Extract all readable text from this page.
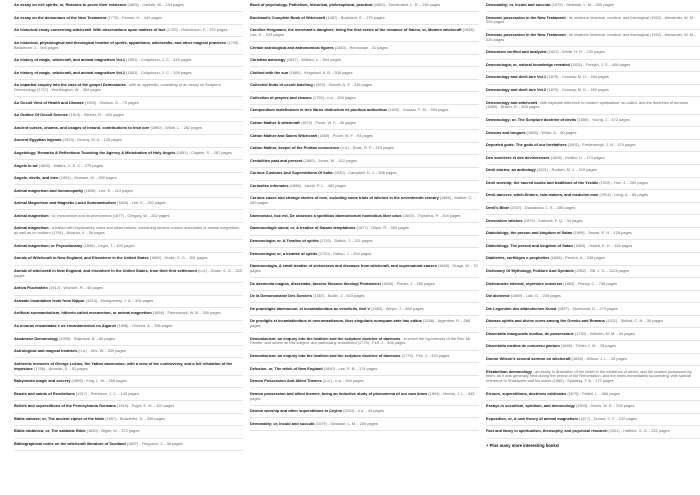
An essay on evil spirits; or, Reasons to prove their existence (1825) - Carlisle, W. - 134 pages
An essay on the demoniacs of the New Testament (1775) - Farmer, H. - 440 pages
An historical essay concerning witchcraft. With observations upon matters of fact (1720) - Hutchinson, F. - 370 pages
An historical, physiological and theological treatise of spirits, apparitions, witchcrafts, and other magical practices (1705) - Beaumont, J. - 500 pages
An history of magic, witchcraft, and animal magnetism Vol.1 (1851) - Colquhoun, J. C. - 415 pages
An history of magic, witchcraft, and animal magnetism Vol.2 (1851) - Colquhoun, J. C. - 329 pages
An impartial enquiry into the case of the gospel Demoniacks : with an appendix, consisting of an essay on Scripture Demonology (1737) - Worthington, W. - 304 pages
An Occult View of Health and Disease (1925) - Hodson, G. - 70 pages
An Outline Of Occult Science (1914) - Steiner, R. - 494 pages
Ancient curses, charms, and usages of Ireland, contributions to Irish lore (1890) - Wilde, L. - 262 pages
Ancient Egyptian legends (1913) - Murray, M. A. - 128 pages
Angelology; Remarks & Reflections Touching the Agency & Ministration of Holy Angels (1851) - Clayton, S. - 267 pages
Angels in art (1898) - Waters, C. E. C. - 275 pages
Angels, devils, and men (1904) - Graham, W. - 399 pages
Animal magnetism and homoeopathy (1836) - Lee, E. - 113 pages
Animal Magnetism and Magnetic Lucid Somnambulism (1866) - Lee, E. - 352 pages
Animal magnetism ; or, mesmerism and its phenomena (1877) - Gregory, W. - 252 pages
Animal magnetism ; a ballad with explanatory notes and observations; containing several curious anecdotes of animal magnetism, as well as on modern (1791) - Nicanor, V. - 36 pages
Animal magnetism; or Psycodunamy (1846) - Leger, T. - 403 pages
Annals of Witchcraft in New England, and Elsewhere in the United States (1869) - Drake, S. G. - 351 pages
Annals of witchcraft in New England, and elsewhere in the United States, from their first settlement (n.d.) - Drake, S. G. - 323 pages
Antiva Fluchtafeln (1912) - Wünsch, R. - 46 pages
Aramaic incantation texts from Nippur (1913) - Montgomery, J. A. - 326 pages
Artificial somnambulism, hitherto called mesmerism, or animal magnetism (1869) - Fahnestock, W. B. - 300 pages
As mouras encantadas e os encantamentos no Algarve (1898) - Oliveira, A. - 398 pages
Assamese Demonology (1905) - Rajkowar, B. - 80 pages
Astrological and magical treatises (n.d.) - Kirk, W. - 330 pages
Authentic memoirs of George Lukins, the Yatton daemoniac; with a view of the controversy, and a full refutation of the imposture (1788) - Norman, S. - 52 pages
Babylonian magic and sorcery (1896) - King, L. W. - 288 pages
Beasts and saints of Revelations (1917) - Robinson, J. C. - 140 pages
Beliefs and superstitions of the Pennsylvania Germans (1915) - Fogel, E. M. - 420 pages
Biblia naturae; or, The ancient cipher of the bible (1897) - Boisdeffre, D. - 336 pages
Biblia rabbinica; or, The sabbatic Bible (1890) - Bigler, W. - 370 pages
Bibliographical notes on the witchcraft literature of Scotland (1897) - Ferguson, J. - 38 pages
Book of psychology. Pathetism, historical, philosophical, practical (1850) - Sunderland, L. R. - 138 pages
Buckland's Complete Book of Witchcraft (1987) - Buckland, R. - 270 pages
Caroline Hergmann, the merchant's daughter; being the first series of the romance of Salem, or, Modern witchcraft (1848) - Lee, E. - 103 pages
Certain astrological and astronomical figures (1463) - Horoscope - 31 pages
Christian astrology (1647) - William, L. - 894 pages
Clothed with the sun (1889) - Kingsford, A. B. - 308 pages
Collected fruits of occult teaching (1920) - Sinnett, A. P. - 316 pages
Collection of prayers and charms (1750) - n.a. - 200 pages
Compendium maleficarum in tres libros distinctum ex pluribus authoribus (1626) - Guazzo, F. M. - 394 pages
Cotton Mather & witchcraft (1870) - Poole, W. F. - 36 pages
Cotton Mather and Salem Witchcraft (1869) - Poole, W. F. - 93 pages
Cotton Mather, keeper of the Puritan conscience (n.d.) - Boas, R. P. - 310 pages
Credulities past and present (1880) - Jones, W. - 612 pages
Curious Customs And Superstitions Of India (1930) - Campbell, D. J. - 308 pages
Curiosités infernales (1886) - Jacob, P. L. - 482 pages
Curious cases and strange stories of love, including some trials of witches in the seventeenth century (1866) - Mather, C. - 269 pages
Daemoniaci, hoc est, De obsessis a spiritibus daemoniorum hominibus liber unus (1603) - Thyraeus, P. - 304 pages
Daemonologie sacra; or, A treatise of Satans temptations (1677) - Gilpin, R. - 500 pages
Demonologia; or, A Treatise of spirits (1720) - Dalton, J. - 201 pages
Demonologia; or, a treatise of spirits (1720) - Dalton, J. - 204 pages
Daemonologia. A small treatise of sicknesses and diseases from witchcraft, and supernatural causes (1665) - Drage, W. - 70 pages
De daemonia magica, dissertatio, tassero filosoco theologi Pontanensi (1658) - Pomer, J. - 180 pages
De la Demonomanie Des Sorciers (1587) - Bodin, J. - 623 pages
De praestigiis daemonum, et incantationibus ac veneficiis, libri V (1582) - Weyer, J. - 660 pages
De prodigiis et incantationibus et necromantiarum, liber singularis numquam ante hac editus (1568) - Argentine, R. - 268 pages
Demoniacism: an enquiry into the heathen and the scripture doctrine of daemons : in which the hypotheses of the Rev. Mr. Farmer, and others on this subject, are particularly considered (1775) - Fell, J. - 406 pages
Demoniacism: an enquiry into the heathen and the scripture doctrine of daemons (1779) - Fell, J. - 415 pages
Delusion, or, The witch of New England (1840) - Lee, E. B. - 174 pages
Demon Possession And Allied Themes (n.d.) - n.a. - 394 pages
Demon possession and allied themes; being an inductive study of phenomena of our own times (1894) - Nevius, J. L. - 343 pages
Demon worship and other superstitions in Ceylon (2003) - n.a. - 44 pages
Demonality; or, Incubi and succubi (1879) - Sinistrari, L. M. - 250 pages
Demonality; or, Incubi and succubi (1879) - Sinistrari, L. M. - 250 pages
Demonic possession in the New Testament : its relations historical, medical, and theological (1902) - Alexander, W. M. - 226 pages
Demonic possession in the New Testament : its relations historical, medical, and theological (1902) - Alexander, W. M. - 226 pages
Demonism verified and analyzed (1822) - White, H. H. - 230 pages
Demonologia; or, natural knowledge revealed (1831) - Forsyth, J. S. - 466 pages
Demonology and devil-lore Vol.1 (1879) - Conway, M. D. - 454 pages
Demonology and devil-lore Vol.2 (1879) - Conway, M. D. - 492 pages
Demonology and witchcraft : with especial reference to modern spiritualism, so called, and the doctrines of demons (1889) - Brown, R. - 308 pages
Demonology; or, The Scripture doctrine of devils (1856) - Young, J. - 472 pages
Demons and tongues (1905) - White, A. - 60 pages
Deported gods: The gods of our forefathers (1901) - Frederburgh, J. N. - 474 pages
Des sorcières et des devineresses (1606) - Molitor, U. - 174 pages
Devil stories; an anthology (1921) - Rudwin, M. J. - 319 pages
Devil worship; the sacred books and traditions of the Yezidiz (1919) - Hoe, J. - 250 pages
Devil-dancers, witch-finders, rain-makers, and medicine-men (1904) - Lang, A. - 66 pages
Devil's Bible (2007) - Dianabosa, L. S. - 286 pages
Devonshire witches (1879) - Karkeek, P. Q. - 34 pages
Diabolology; the person and kingdom of Satan (1899) - Jewett, E. H. - 128 pages
Diabolology. The person and kingdom of Satan (1889) - Jewett, E. H. - 128 pages
Diableries, sortilèges e prophéties (1898) - Pereira, A. - 236 pages
Dictionary Of Mythology, Folklore And Symbols (1962) - Gill, J. G. - 1123 pages
Dictionnaire infernal, répertoire universel (1863) - Plancy, C. - 748 pages
Die alchemie (1869) - Lutz, G. - 235 pages
Die Legenden des altdeutschen Kunst (1897) - Stumhaub, D. - 279 pages
Disease-spirits and divine cures among the Greeks and Romans (1921) - Sinibal, C. N. - 30 pages
Dissertatio inauguralis medica, de possessione (1730) - Volheim, M. M. - 44 pages
Dissertatio medica de conuersu pactum (1666) - Thiller, J. M. - 25 pages
Doctor Wilson's second sermon on witchcraft (1846) - Wilson, J. L. - 28 pages
Elizabethan demonology : an essay in illustration of the belief in the existence of devils, and the powers possessed by them, as it was generally held during the period of the Reformation, and the times immediately succeeding; with special reference to Shakspere and his works (1880) - Spalding, T. A. - 172 pages
Errours, superstitions, doctrines médicales (1879) - Pettell, L. - 360 pages
Essays in occultism, spiritism, and demonology (1903) - Harris, W. R. - 204 pages
Exposition, or, A new theory of animal magnetism (1877) - Durant, C. F. - 232 pages
Fact and fancy in spiritualism, theosophy, and psychical research (1901) - Hatfield, G. G. - 222 pages
+ Plus many more interesting books!
